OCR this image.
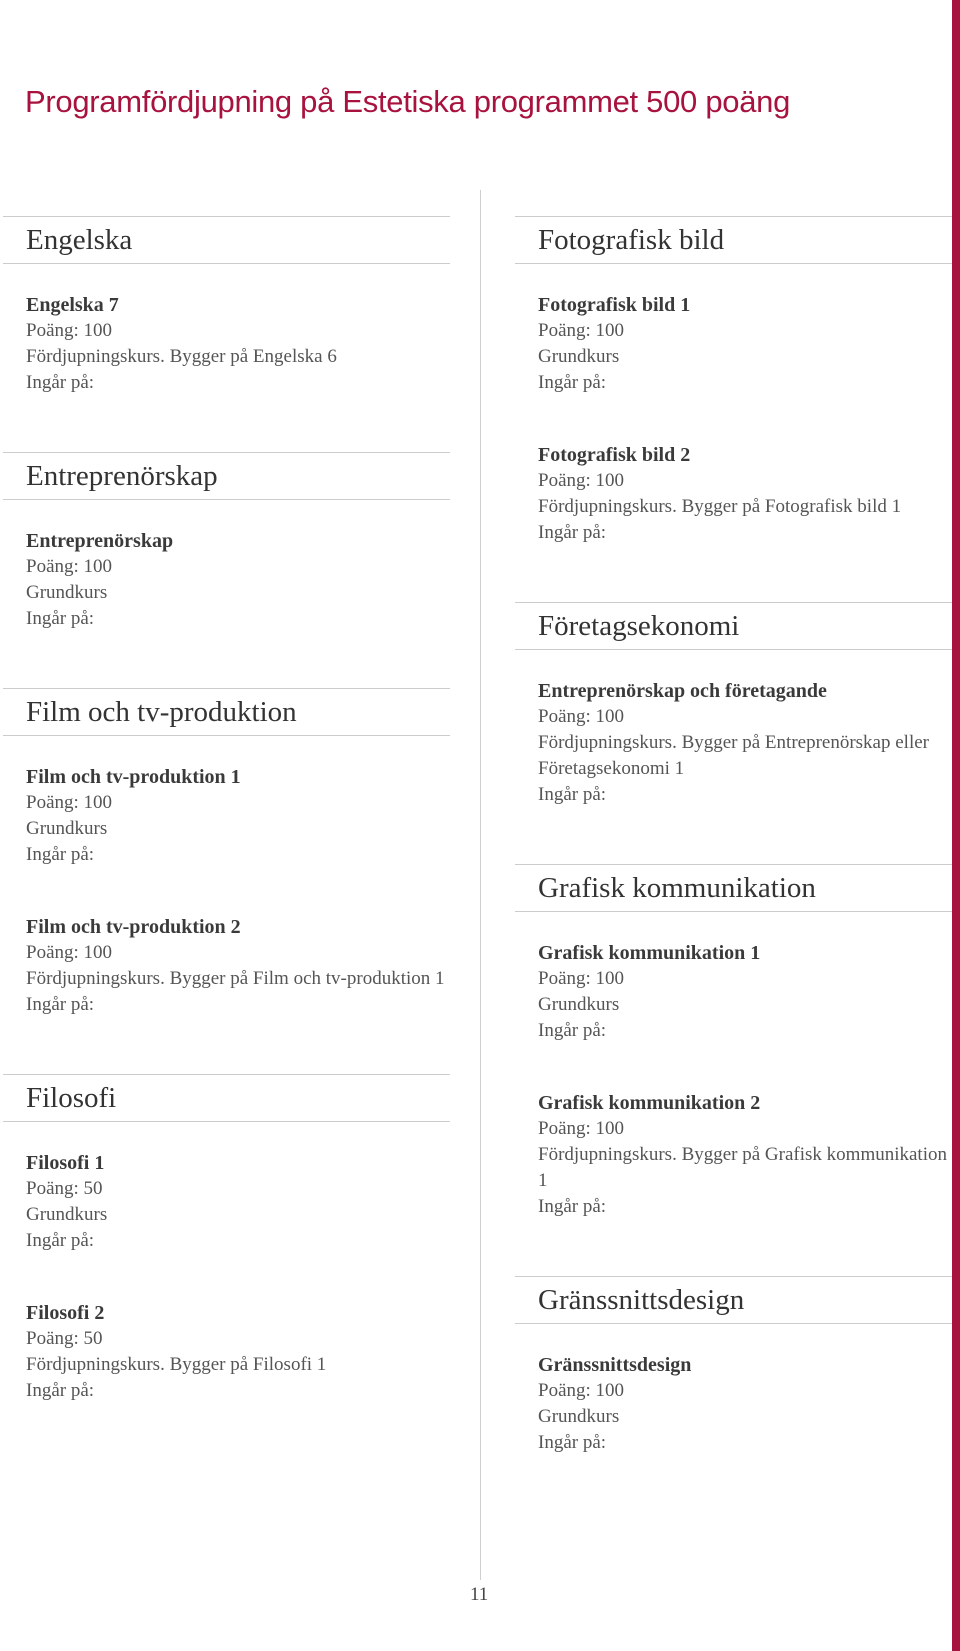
Programfördjupning på Estetiska programmet 500 poäng
Engelska
Engelska 7
Poäng: 100
Fördjupningskurs. Bygger på Engelska 6
Ingår på:
Entreprenörskap
Entreprenörskap
Poäng: 100
Grundkurs
Ingår på:
Film och tv-produktion
Film och tv-produktion 1
Poäng: 100
Grundkurs
Ingår på:
Film och tv-produktion 2
Poäng: 100
Fördjupningskurs. Bygger på Film och tv-produktion 1
Ingår på:
Filosofi
Filosofi 1
Poäng: 50
Grundkurs
Ingår på:
Filosofi 2
Poäng: 50
Fördjupningskurs. Bygger på Filosofi 1
Ingår på:
Fotografisk bild
Fotografisk bild 1
Poäng: 100
Grundkurs
Ingår på:
Fotografisk bild 2
Poäng: 100
Fördjupningskurs. Bygger på Fotografisk bild 1
Ingår på:
Företagsekonomi
Entreprenörskap och företagande
Poäng: 100
Fördjupningskurs. Bygger på Entreprenörskap eller Företagsekonomi 1
Ingår på:
Grafisk kommunikation
Grafisk kommunikation 1
Poäng: 100
Grundkurs
Ingår på:
Grafisk kommunikation 2
Poäng: 100
Fördjupningskurs. Bygger på Grafisk kommunikation 1
Ingår på:
Gränssnittsdesign
Gränssnittsdesign
Poäng: 100
Grundkurs
Ingår på:
11
